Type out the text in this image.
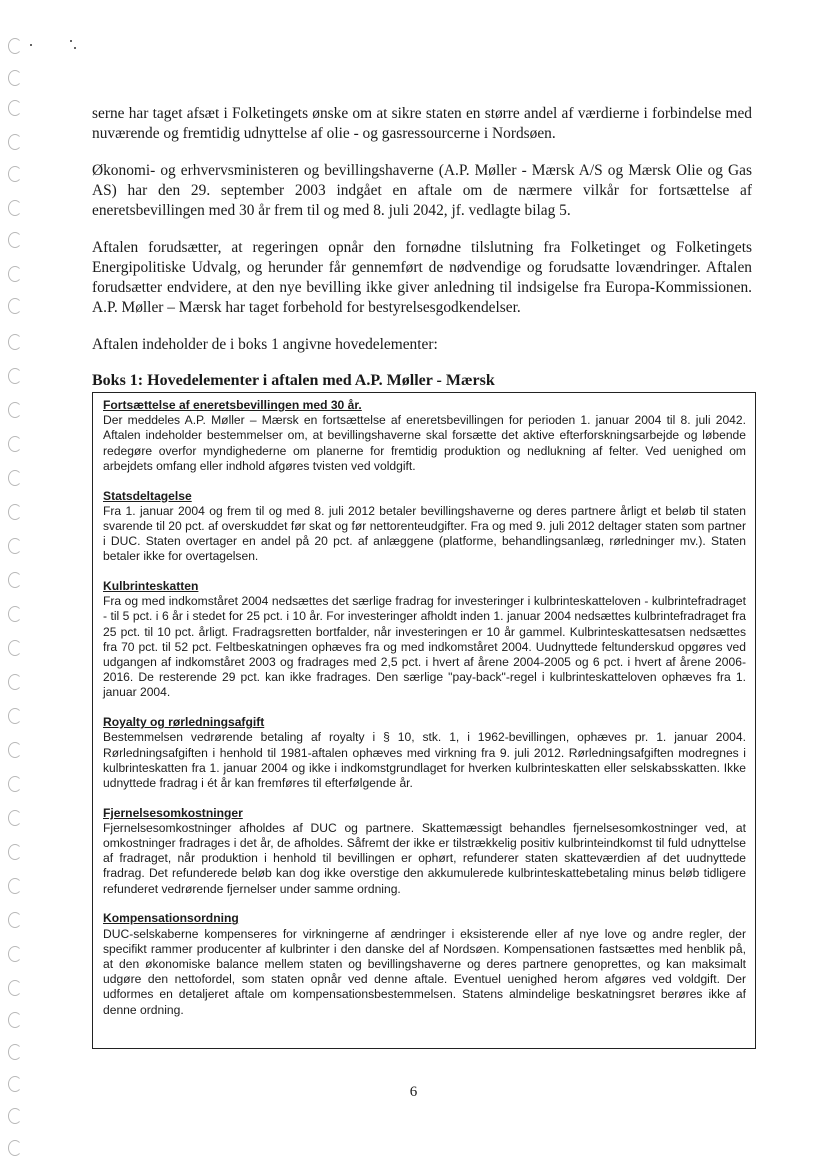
serne har taget afsæt i Folketingets ønske om at sikre staten en større andel af værdierne i forbindelse med nuværende og fremtidig udnyttelse af olie - og gasressourcerne i Nordsøen.

Økonomi- og erhvervsministeren og bevillingshaverne (A.P. Møller - Mærsk A/S og Mærsk Olie og Gas AS) har den 29. september 2003 indgået en aftale om de nærmere vilkår for fortsættelse af eneretsbevillingen med 30 år frem til og med 8. juli 2042, jf. vedlagte bilag 5.

Aftalen forudsætter, at regeringen opnår den fornødne tilslutning fra Folketinget og Folketingets Energipolitiske Udvalg, og herunder får gennemført de nødvendige og forudsatte lovændringer. Aftalen forudsætter endvidere, at den nye bevilling ikke giver anledning til indsigelse fra Europa-Kommissionen. A.P. Møller – Mærsk har taget forbehold for bestyrelsesgodkendelser.

Aftalen indeholder de i boks 1 angivne hovedelementer:

Boks 1: Hovedelementer i aftalen med A.P. Møller - Mærsk

Fortsættelse af eneretsbevillingen med 30 år.

Der meddeles A.P. Møller – Mærsk en fortsættelse af eneretsbevillingen for perioden 1. januar 2004 til 8. juli 2042. Aftalen indeholder bestemmelser om, at bevillingshaverne skal forsætte det aktive efterforskningsarbejde og løbende redegøre overfor myndighederne om planerne for fremtidig produktion og nedlukning af felter. Ved uenighed om arbejdets omfang eller indhold afgøres tvisten ved voldgift.

Statsdeltagelse

Fra 1. januar 2004 og frem til og med 8. juli 2012 betaler bevillingshaverne og deres partnere årligt et beløb til staten svarende til 20 pct. af overskuddet før skat og før nettorenteudgifter. Fra og med 9. juli 2012 deltager staten som partner i DUC. Staten overtager en andel på 20 pct. af anlæggene (platforme, behandlingsanlæg, rørledninger mv.). Staten betaler ikke for overtagelsen.

Kulbrinteskatten

Fra og med indkomståret 2004 nedsættes det særlige fradrag for investeringer i kulbrinteskatteloven - kulbrintefradraget - til 5 pct. i 6 år i stedet for 25 pct. i 10 år. For investeringer afholdt inden 1. januar 2004 nedsættes kulbrintefradraget fra 25 pct. til 10 pct. årligt. Fradragsretten bortfalder, når investeringen er 10 år gammel. Kulbrinteskattesatsen nedsættes fra 70 pct. til 52 pct. Feltbeskatningen ophæves fra og med indkomståret 2004. Uudnyttede feltunderskud opgøres ved udgangen af indkomståret 2003 og fradrages med 2,5 pct. i hvert af årene 2004-2005 og 6 pct. i hvert af årene 2006-2016. De resterende 29 pct. kan ikke fradrages. Den særlige "pay-back"-regel i kulbrinteskatteloven ophæves fra 1. januar 2004.

Royalty og rørledningsafgift

Bestemmelsen vedrørende betaling af royalty i § 10, stk. 1, i 1962-bevillingen, ophæves pr. 1. januar 2004. Rørledningsafgiften i henhold til 1981-aftalen ophæves med virkning fra 9. juli 2012. Rørledningsafgiften modregnes i kulbrinteskatten fra 1. januar 2004 og ikke i indkomstgrundlaget for hverken kulbrinteskatten eller selskabsskatten. Ikke udnyttede fradrag i ét år kan fremføres til efterfølgende år.

Fjernelsesomkostninger

Fjernelsesomkostninger afholdes af DUC og partnere. Skattemæssigt behandles fjernelsesomkostninger ved, at omkostninger fradrages i det år, de afholdes. Såfremt der ikke er tilstrækkelig positiv kulbrinteindkomst til fuld udnyttelse af fradraget, når produktion i henhold til bevillingen er ophørt, refunderer staten skatteværdien af det uudnyttede fradrag. Det refunderede beløb kan dog ikke overstige den akkumulerede kulbrinteskattebetaling minus beløb tidligere refunderet vedrørende fjernelser under samme ordning.

Kompensationsordning

DUC-selskaberne kompenseres for virkningerne af ændringer i eksisterende eller af nye love og andre regler, der specifikt rammer producenter af kulbrinter i den danske del af Nordsøen. Kompensationen fastsættes med henblik på, at den økonomiske balance mellem staten og bevillingshaverne og deres partnere genoprettes, og kan maksimalt udgøre den nettofordel, som staten opnår ved denne aftale. Eventuel uenighed herom afgøres ved voldgift. Der udformes en detaljeret aftale om kompensationsbestemmelsen. Statens almindelige beskatningsret berøres ikke af denne ordning.

6
